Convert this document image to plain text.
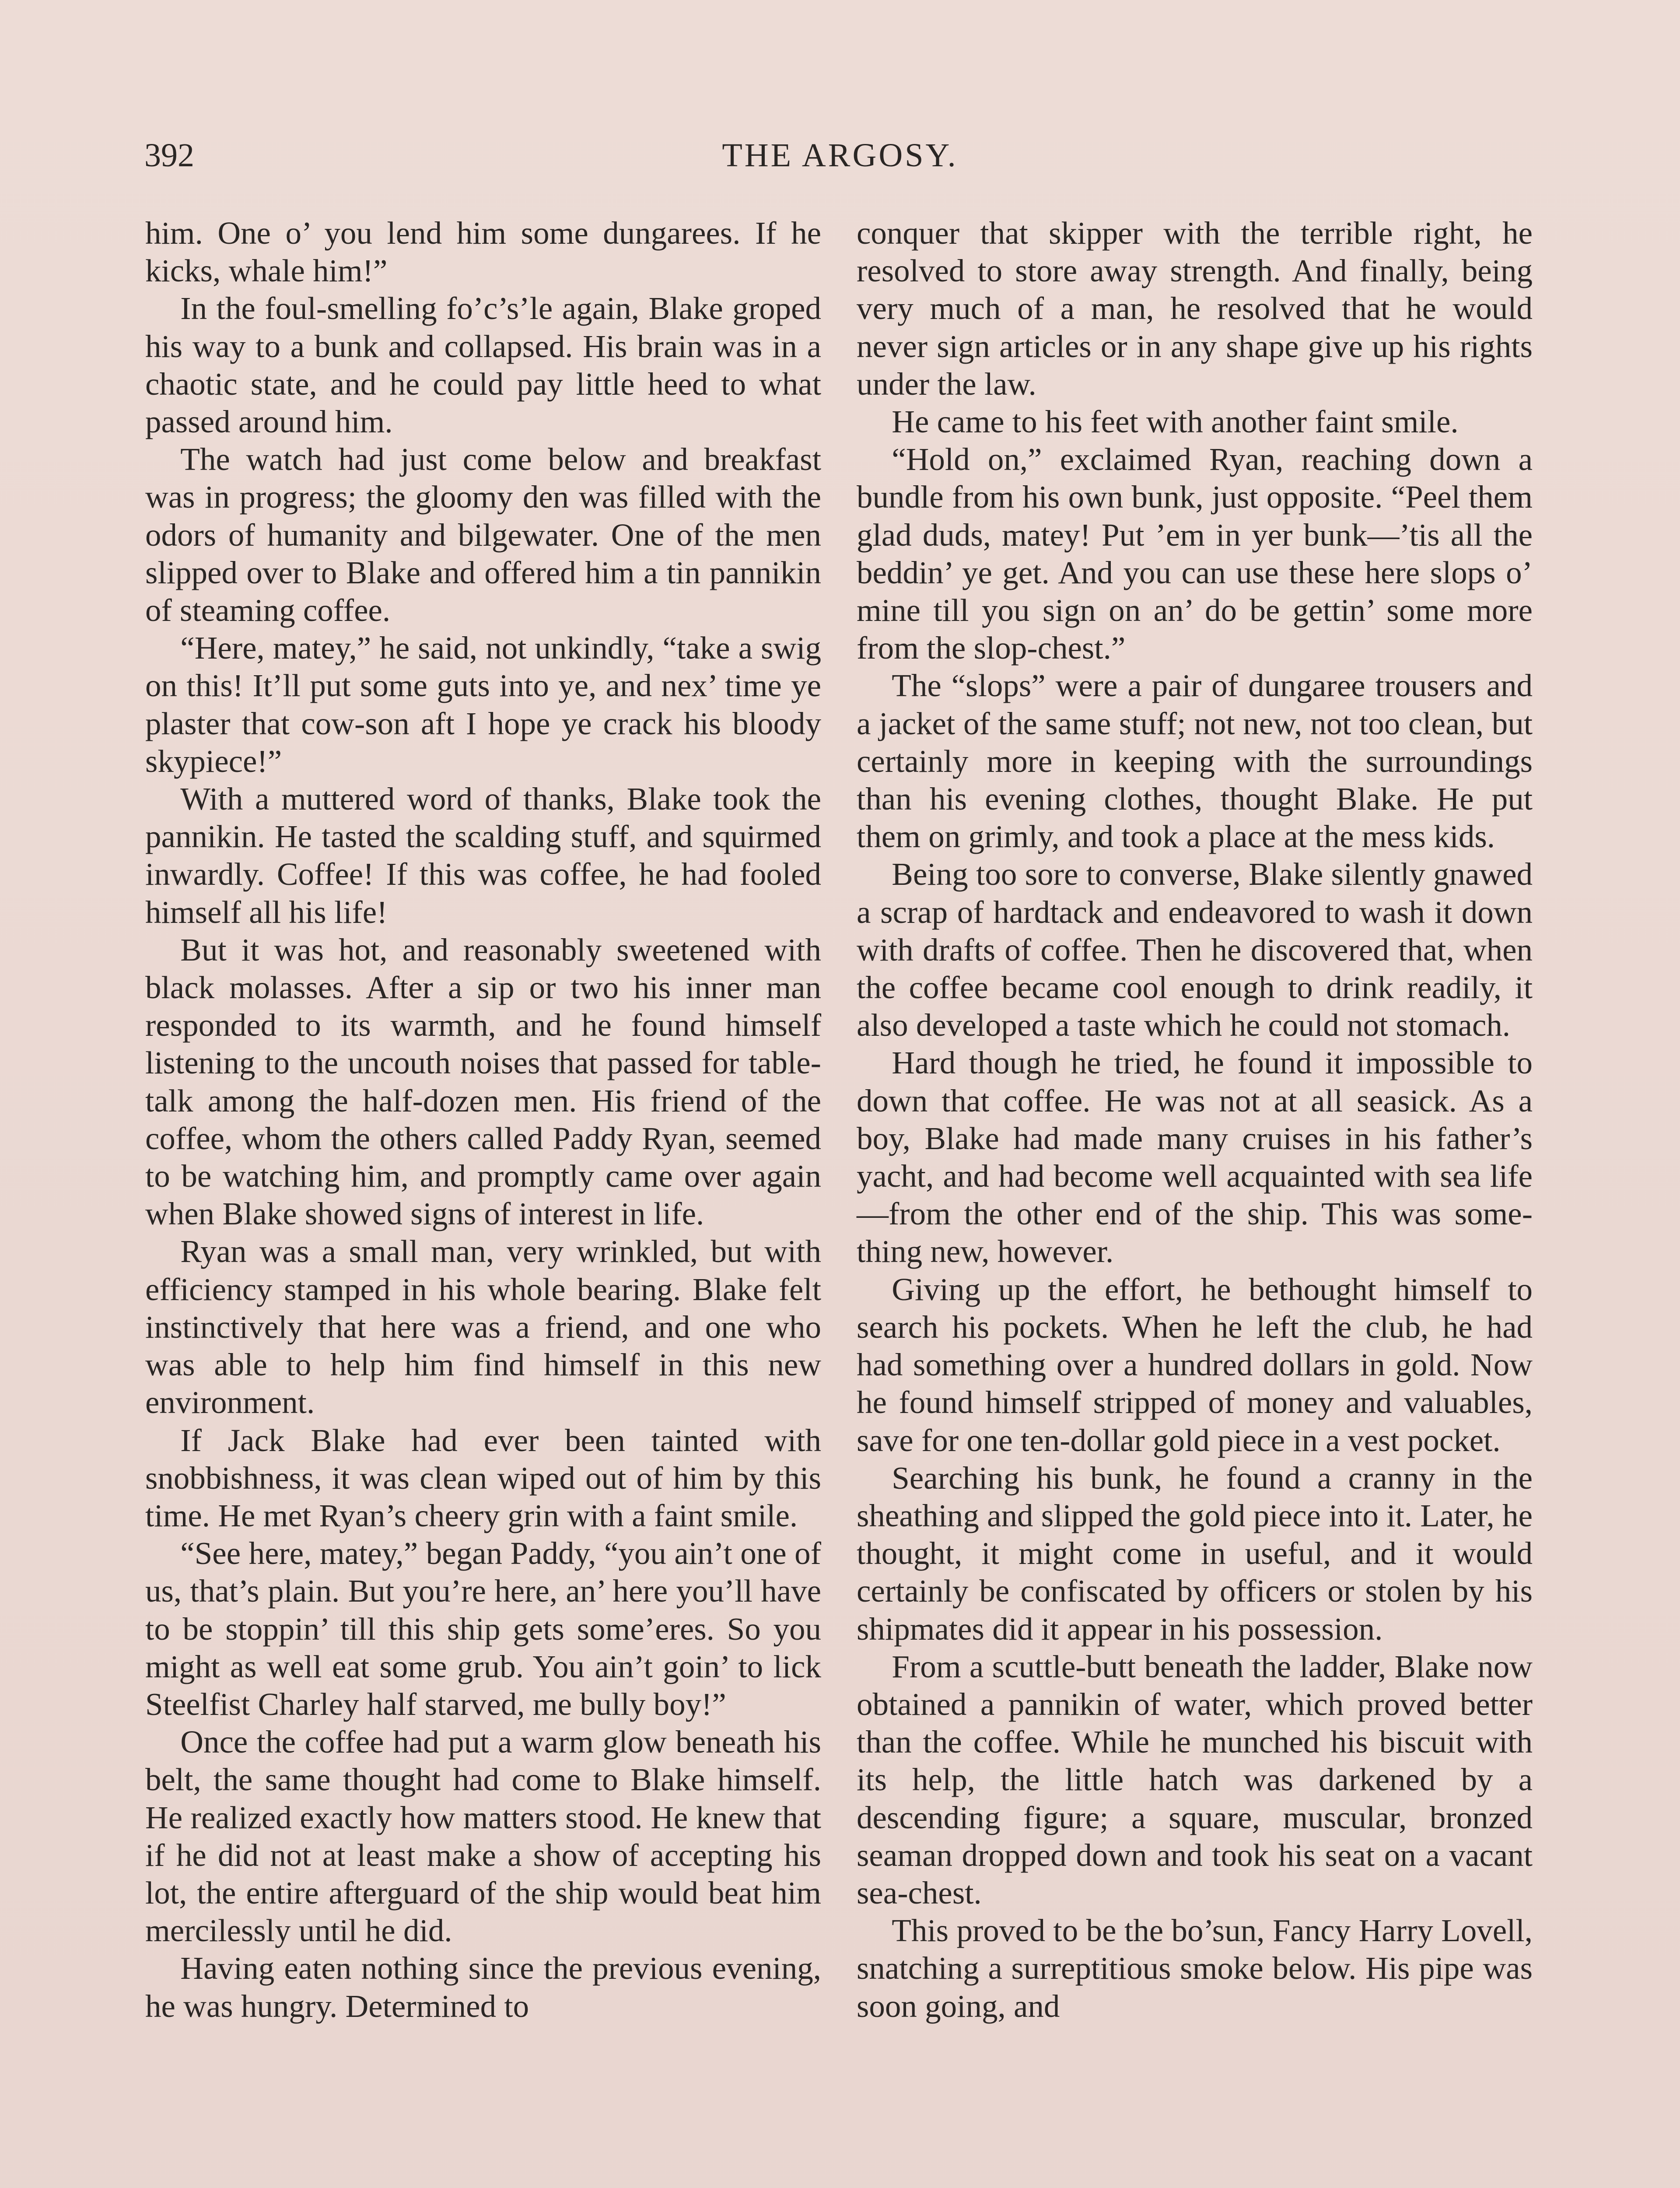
392	THE ARGOSY.

him. One o’ you lend him some dungarees. If he kicks, whale him!”

In the foul-smelling fo’c’s’le again, Blake groped his way to a bunk and collapsed. His brain was in a chaotic state, and he could pay little heed to what passed around him.

The watch had just come below and breakfast was in progress; the gloomy den was filled with the odors of humanity and bilgewater. One of the men slipped over to Blake and offered him a tin pannikin of steaming coffee.

“Here, matey,” he said, not unkindly, “take a swig on this! It’ll put some guts into ye, and nex’ time ye plaster that cow-son aft I hope ye crack his bloody skypiece!”

With a muttered word of thanks, Blake took the pannikin. He tasted the scalding stuff, and squirmed inwardly. Coffee! If this was coffee, he had fooled himself all his life!

But it was hot, and reasonably sweetened with black molasses. After a sip or two his inner man responded to its warmth, and he found himself listening to the uncouth noises that passed for table-talk among the half-dozen men. His friend of the coffee, whom the others called Paddy Ryan, seemed to be watching him, and promptly came over again when Blake showed signs of interest in life.

Ryan was a small man, very wrinkled, but with efficiency stamped in his whole bearing. Blake felt instinctively that here was a friend, and one who was able to help him find himself in this new environment.

If Jack Blake had ever been tainted with snobbishness, it was clean wiped out of him by this time. He met Ryan’s cheery grin with a faint smile.

“See here, matey,” began Paddy, “you ain’t one of us, that’s plain. But you’re here, an’ here you’ll have to be stoppin’ till this ship gets some’eres. So you might as well eat some grub. You ain’t goin’ to lick Steelfist Charley half starved, me bully boy!”

Once the coffee had put a warm glow beneath his belt, the same thought had come to Blake himself. He realized exactly how matters stood. He knew that if he did not at least make a show of accepting his lot, the entire afterguard of the ship would beat him mercilessly until he did.

Having eaten nothing since the previous evening, he was hungry. Determined to

conquer that skipper with the terrible right, he resolved to store away strength. And finally, being very much of a man, he resolved that he would never sign articles or in any shape give up his rights under the law.

He came to his feet with another faint smile.

“Hold on,” exclaimed Ryan, reaching down a bundle from his own bunk, just opposite. “Peel them glad duds, matey! Put ’em in yer bunk—’tis all the beddin’ ye get. And you can use these here slops o’ mine till you sign on an’ do be gettin’ some more from the slop-chest.”

The “slops” were a pair of dungaree trousers and a jacket of the same stuff; not new, not too clean, but certainly more in keeping with the surroundings than his evening clothes, thought Blake. He put them on grimly, and took a place at the mess kids.

Being too sore to converse, Blake silently gnawed a scrap of hardtack and endeavored to wash it down with drafts of coffee. Then he discovered that, when the coffee became cool enough to drink readily, it also developed a taste which he could not stomach.

Hard though he tried, he found it impossible to down that coffee. He was not at all seasick. As a boy, Blake had made many cruises in his father’s yacht, and had become well acquainted with sea life—from the other end of the ship. This was something new, however.

Giving up the effort, he bethought himself to search his pockets. When he left the club, he had had something over a hundred dollars in gold. Now he found himself stripped of money and valuables, save for one ten-dollar gold piece in a vest pocket.

Searching his bunk, he found a cranny in the sheathing and slipped the gold piece into it. Later, he thought, it might come in useful, and it would certainly be confiscated by officers or stolen by his shipmates did it appear in his possession.

From a scuttle-butt beneath the ladder, Blake now obtained a pannikin of water, which proved better than the coffee. While he munched his biscuit with its help, the little hatch was darkened by a descending figure; a square, muscular, bronzed seaman dropped down and took his seat on a vacant sea-chest.

This proved to be the bo’sun, Fancy Harry Lovell, snatching a surreptitious smoke below. His pipe was soon going, and
